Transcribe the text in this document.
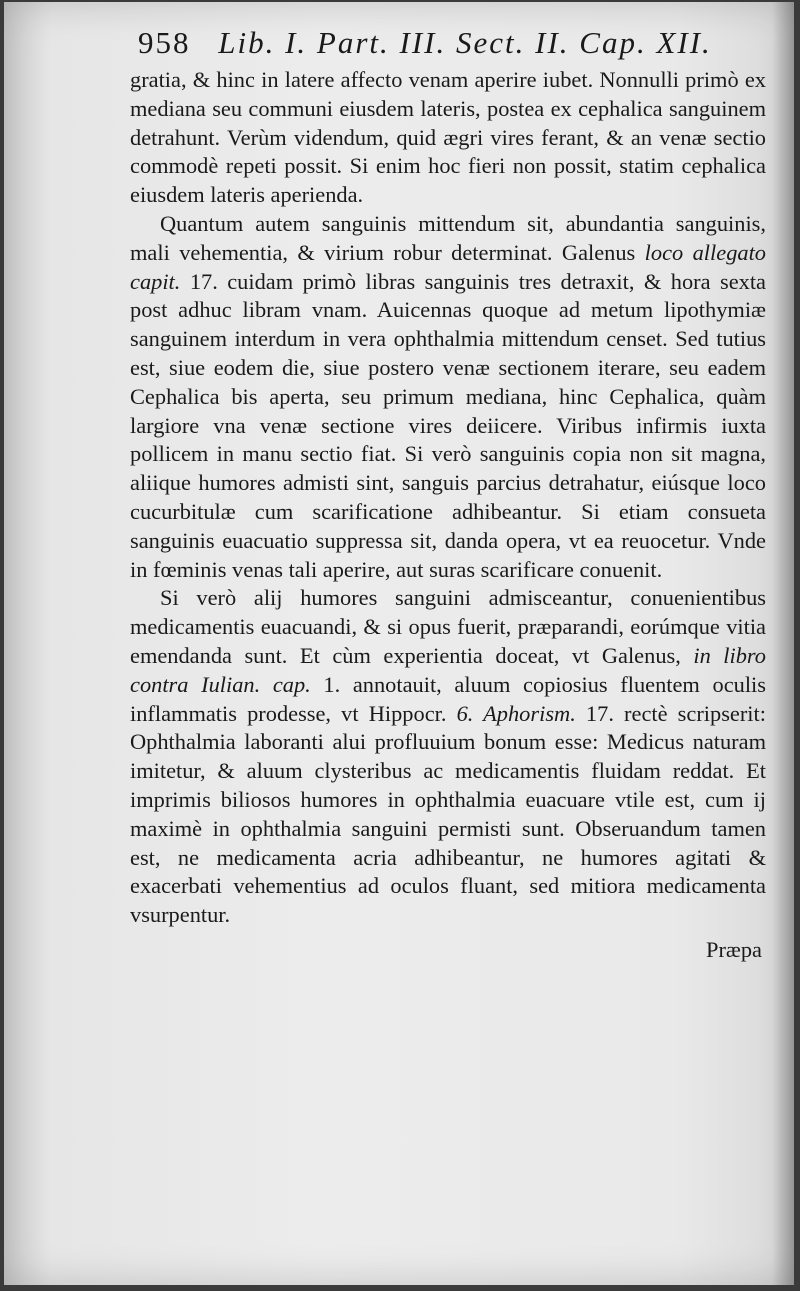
958 Lib. I. Part. III. Sect. II. Cap. XII.

gratia, & hinc in latere affecto venam aperire iubet. Nonnulli primò ex mediana seu communi eiusdem lateris, postea ex cephalica sanguinem detrahunt. Verùm videndum, quid ægri vires ferant, & an venæ sectio commodè repeti possit. Si enim hoc fieri non possit, statim cephalica eiusdem lateris aperienda.

Quantum autem sanguinis mittendum sit, abundantia sanguinis, mali vehementia, & virium robur determinat. Galenus loco allegato capit. 17. cuidam primò libras sanguinis tres detraxit, & hora sexta post adhuc libram vnam. Auicennas quoque ad metum lipothymiæ sanguinem interdum in vera ophthalmia mittendum censet. Sed tutius est, siue eodem die, siue postero venæ sectionem iterare, seu eadem Cephalica bis aperta, seu primum mediana, hinc Cephalica, quàm largiore vna venæ sectione vires deiicere. Viribus infirmis iuxta pollicem in manu sectio fiat. Si verò sanguinis copia non sit magna, aliique humores admisti sint, sanguis parcius detrahatur, eiúsque loco cucurbitulæ cum scarificatione adhibeantur. Si etiam consueta sanguinis euacuatio suppressa sit, danda opera, vt ea reuocetur. Vnde in fœminis venas tali aperire, aut suras scarificare conuenit.

Si verò alij humores sanguini admisceantur, conuenientibus medicamentis euacuandi, & si opus fuerit, præparandi, eorúmque vitia emendanda sunt. Et cùm experientia doceat, vt Galenus, in libro contra Iulian. cap. 1. annotauit, aluum copiosius fluentem oculis inflammatis prodesse, vt Hippocr. 6. Aphorism. 17. rectè scripserit: Ophthalmia laboranti alui profluuium bonum esse: Medicus naturam imitetur, & aluum clysteribus ac medicamentis fluidam reddat. Et imprimis biliosos humores in ophthalmia euacuare vtile est, cum ij maximè in ophthalmia sanguini permisti sunt. Obseruandum tamen est, ne medicamenta acria adhibeantur, ne humores agitati & exacerbati vehementius ad oculos fluant, sed mitiora medicamenta vsurpentur.

Præpa
